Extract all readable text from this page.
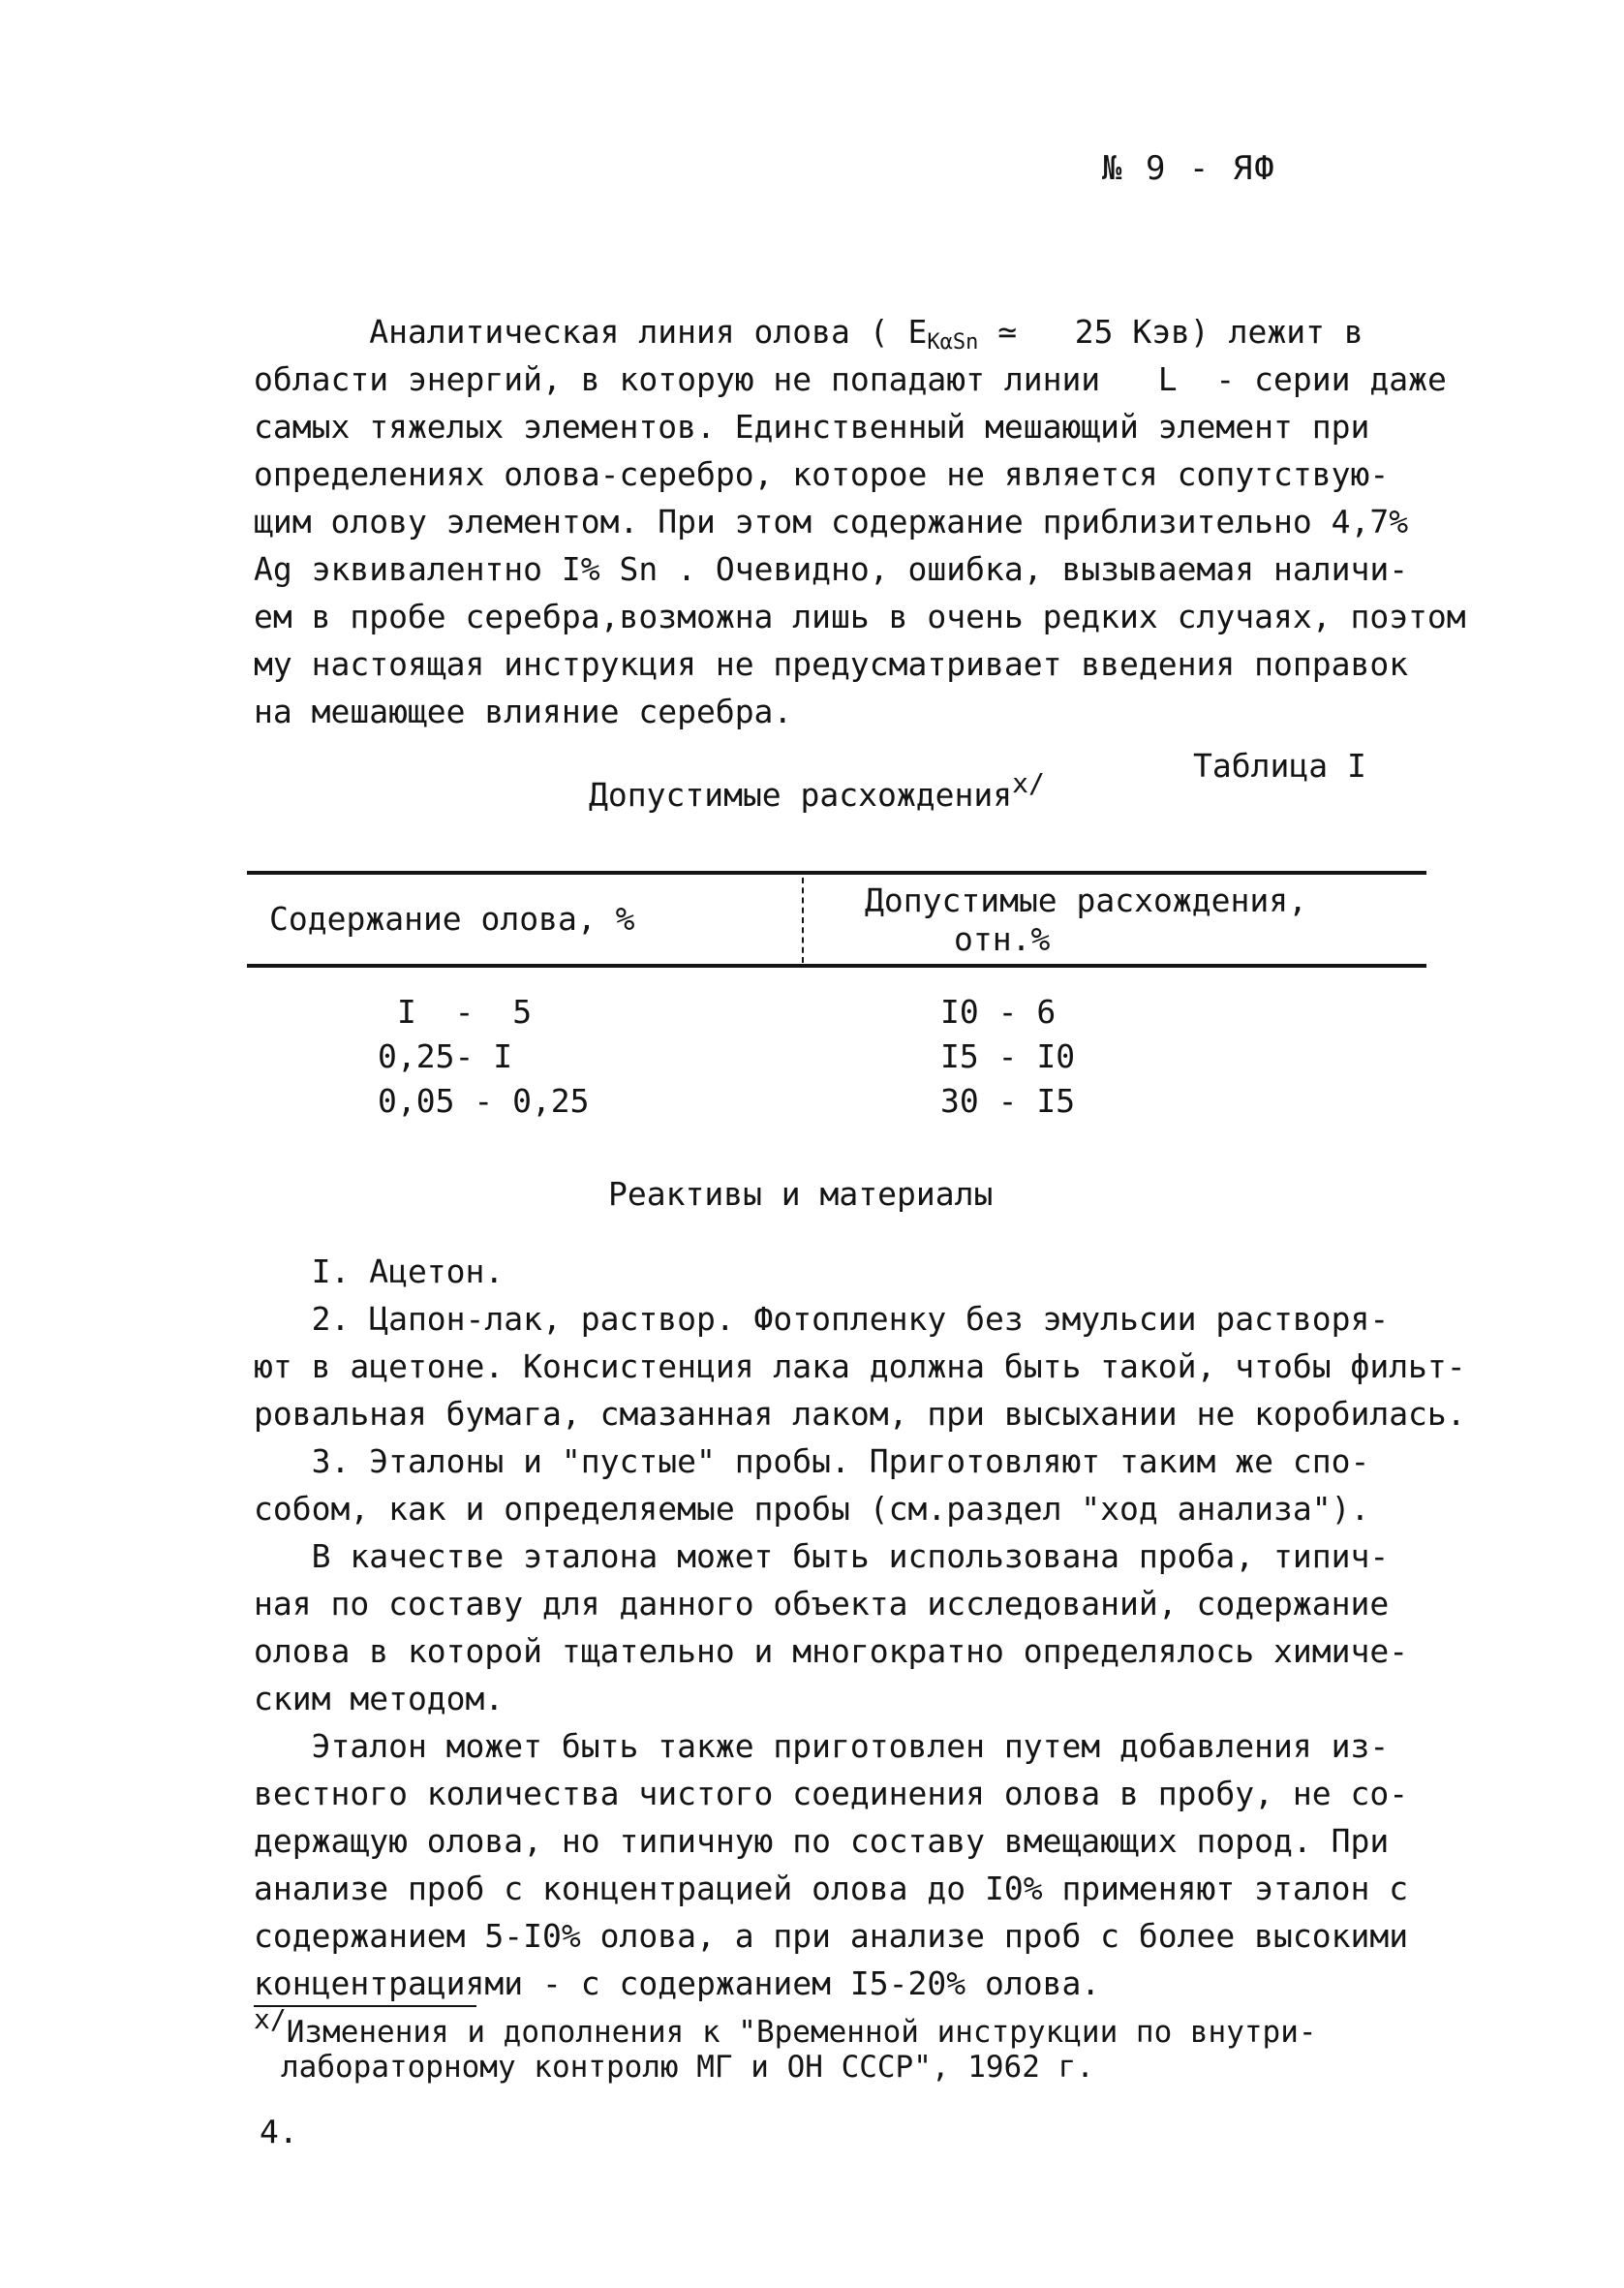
№ 9 - ЯФ
Аналитическая линия олова ( EKαSn ≃   25 Кэв) лежит в
области энергий, в которую не попадают линии L  - серии даже
самых тяжелых элементов. Единственный мешающий элемент при
определениях олова-серебро, которое не является сопутствую-
щим олову элементом. При этом содержание приблизительно 4,7%
Ag эквивалентно I% Sn . Очевидно, ошибка, вызываемая наличи-
ем в пробе серебра,возможна лишь в очень редких случаях, поэтом
му настоящая инструкция не предусматривает введения поправок
на мешающее влияние серебра.
Допустимые расхождения$^{x/}$	Таблица I
Содержание олова, %	Допустимые расхождения,
отн.%
I  -  5	I0 - 6
0,25- I	I5 - I0
0,05 - 0,25	30 - I5
Реактивы и материалы
I. Ацетон.
2. Цапон-лак, раствор. Фотопленку без эмульсии растворя-
ют в ацетоне. Консистенция лака должна быть такой, чтобы фильт-
ровальная бумага, смазанная лаком, при высыхании не коробилась.
3. Эталоны и "пустые" пробы. Приготовляют таким же спо-
собом, как и определяемые пробы (см.раздел "ход анализа").
В качестве эталона может быть использована проба, типич-
ная по составу для данного объекта исследований, содержание
олова в которой тщательно и многократно определялось химиче-
ским методом.
Эталон может быть также приготовлен путем добавления из-
вестного количества чистого соединения олова в пробу, не со-
держащую олова, но типичную по составу вмещающих пород. При
анализе проб с концентрацией олова до I0% применяют эталон с
содержанием 5-I0% олова, а при анализе проб с более высокими
концентрациями - с содержанием I5-20% олова.
x/Изменения и дополнения к "Временной инструкции по внутри-
лабораторному контролю МГ и ОН СССР", 1962 г.
4.
